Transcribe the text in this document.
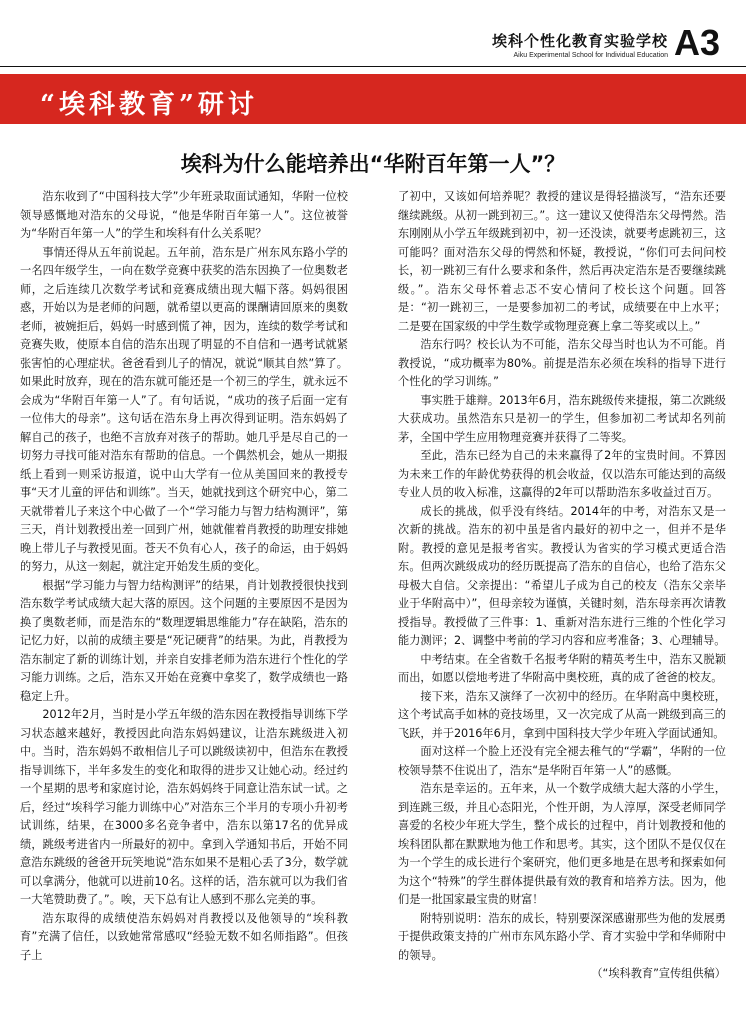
埃科个性化教育实验学校
Aiku Experimental School for Individual Education A3
“埃科教育”研讨
埃科为什么能培养出“华附百年第一人”？

浩东收到了“中国科技大学”少年班录取面试通知，华附一位校领导感慨地对浩东的父母说，“他是华附百年第一人”。这位被誉为“华附百年第一人”的学生和埃科有什么关系呢？

事情还得从五年前说起。五年前，浩东是广州东风东路小学的一名四年级学生，一向在数学竞赛中获奖的浩东因换了一位奥数老师，之后连续几次数学考试和竞赛成绩出现大幅下落。妈妈很困惑，开始以为是老师的问题，就希望以更高的课酬请回原来的奥数老师，被婉拒后，妈妈一时感到慌了神，因为，连续的数学考试和竞赛失败，使原本自信的浩东出现了明显的不自信和一遇考试就紧张害怕的心理症状。爸爸看到儿子的情况，就说“顺其自然”算了。如果此时放弃，现在的浩东就可能还是一个初三的学生，就永远不会成为“华附百年第一人”了。有句话说，“成功的孩子后面一定有一位伟大的母亲”。这句话在浩东身上再次得到证明。浩东妈妈了解自己的孩子，也绝不言放弃对孩子的帮助。她几乎是尽自己的一切努力寻找可能对浩东有帮助的信息。一个偶然机会，她从一期报纸上看到一则采访报道，说中山大学有一位从美国回来的教授专事“天才儿童的评估和训练”。当天，她就找到这个研究中心，第二天就带着儿子来这个中心做了一个“学习能力与智力结构测评”，第三天，肖计划教授出差一回到广州，她就催着肖教授的助理安排她晚上带儿子与教授见面。苍天不负有心人，孩子的命运，由于妈妈的努力，从这一刻起，就注定开始发生质的变化。

根据“学习能力与智力结构测评”的结果，肖计划教授很快找到浩东数学考试成绩大起大落的原因。这个问题的主要原因不是因为换了奥数老师，而是浩东的“数理逻辑思维能力”存在缺陷，浩东的记忆力好，以前的成绩主要是“死记硬背”的结果。为此，肖教授为浩东制定了新的训练计划，并亲自安排老师为浩东进行个性化的学习能力训练。之后，浩东又开始在竞赛中拿奖了，数学成绩也一路稳定上升。

2012年2月，当时是小学五年级的浩东因在教授指导训练下学习状态越来越好，教授因此向浩东妈妈建议，让浩东跳级进入初中。当时，浩东妈妈不敢相信儿子可以跳级读初中，但浩东在教授指导训练下，半年多发生的变化和取得的进步又让她心动。经过约一个星期的思考和家庭讨论，浩东妈妈终于同意让浩东试一试。之后，经过“埃科学习能力训练中心”对浩东三个半月的专项小升初考试训练，结果，在3000多名竞争者中，浩东以第17名的优异成绩，跳级考进省内一所最好的初中。拿到入学通知书后，开始不同意浩东跳级的爸爸开玩笑地说“浩东如果不是粗心丢了3分，数学就可以拿满分，他就可以进前10名。这样的话，浩东就可以为我们省一大笔赞助费了。”。唉，天下总有让人感到不那么完美的事。

浩东取得的成绩使浩东妈妈对肖教授以及他领导的“埃科教育”充满了信任，以致她常常感叹“经验无数不如名师指路”。但孩子上

了初中，又该如何培养呢？教授的建议是得轻描淡写，“浩东还要继续跳级。从初一跳到初三。”。这一建议又使得浩东父母愕然。浩东刚刚从小学五年级跳到初中，初一还没读，就要考虑跳初三，这可能吗？面对浩东父母的愕然和怀疑，教授说，“你们可去问问校长，初一跳初三有什么要求和条件，然后再决定浩东是否要继续跳级。”。浩东父母怀着忐忑不安心情问了校长这个问题。回答是：“初一跳初三，一是要参加初二的考试，成绩要在中上水平；二是要在国家级的中学生数学或物理竞赛上拿二等奖或以上。”

浩东行吗？校长认为不可能，浩东父母当时也认为不可能。肖教授说，“成功概率为80%。前提是浩东必须在埃科的指导下进行个性化的学习训练。”

事实胜于雄辩。2013年6月，浩东跳级传来捷报，第二次跳级大获成功。虽然浩东只是初一的学生，但参加初二考试却名列前茅，全国中学生应用物理竞赛并获得了二等奖。

至此，浩东已经为自己的未来赢得了2年的宝贵时间。不算因为未来工作的年龄优势获得的机会收益，仅以浩东可能达到的高级专业人员的收入标准，这赢得的2年可以帮助浩东多收益过百万。

成长的挑战，似乎没有终结。2014年的中考，对浩东又是一次新的挑战。浩东的初中虽是省内最好的初中之一，但并不是华附。教授的意见是报考省实。教授认为省实的学习模式更适合浩东。但两次跳级成功的经历既提高了浩东的自信心，也给了浩东父母极大自信。父亲提出：“希望儿子成为自己的校友（浩东父亲毕业于华附高中）”，但母亲较为谨慎，关键时刻，浩东母亲再次请教授指导。教授做了三件事：1、重新对浩东进行三维的个性化学习能力测评；2、调整中考前的学习内容和应考准备；3、心理辅导。

中考结束。在全省数千名报考华附的精英考生中，浩东又脱颖而出，如愿以偿地考进了华附高中奥校班，真的成了爸爸的校友。

接下来，浩东又演绎了一次初中的经历。在华附高中奥校班，这个考试高手如林的竞技场里，又一次完成了从高一跳级到高三的飞跃，并于2016年6月，拿到中国科技大学少年班入学面试通知。

面对这样一个脸上还没有完全褪去稚气的“学霸”，华附的一位校领导禁不住说出了，浩东“是华附百年第一人”的感慨。

浩东是幸运的。五年来，从一个数学成绩大起大落的小学生，到连跳三级，并且心态阳光，个性开朗，为人淳厚，深受老师同学喜爱的名校少年班大学生，整个成长的过程中，肖计划教授和他的埃科团队都在默默地为他工作和思考。其实，这个团队不是仅仅在为一个学生的成长进行个案研究，他们更多地是在思考和探索如何为这个“特殊”的学生群体提供最有效的教育和培养方法。因为，他们是一批国家最宝贵的财富！

附特别说明：浩东的成长，特别要深深感谢那些为他的发展勇于提供政策支持的广州市东风东路小学、育才实验中学和华师附中的领导。

（“埃科教育”宣传组供稿）
